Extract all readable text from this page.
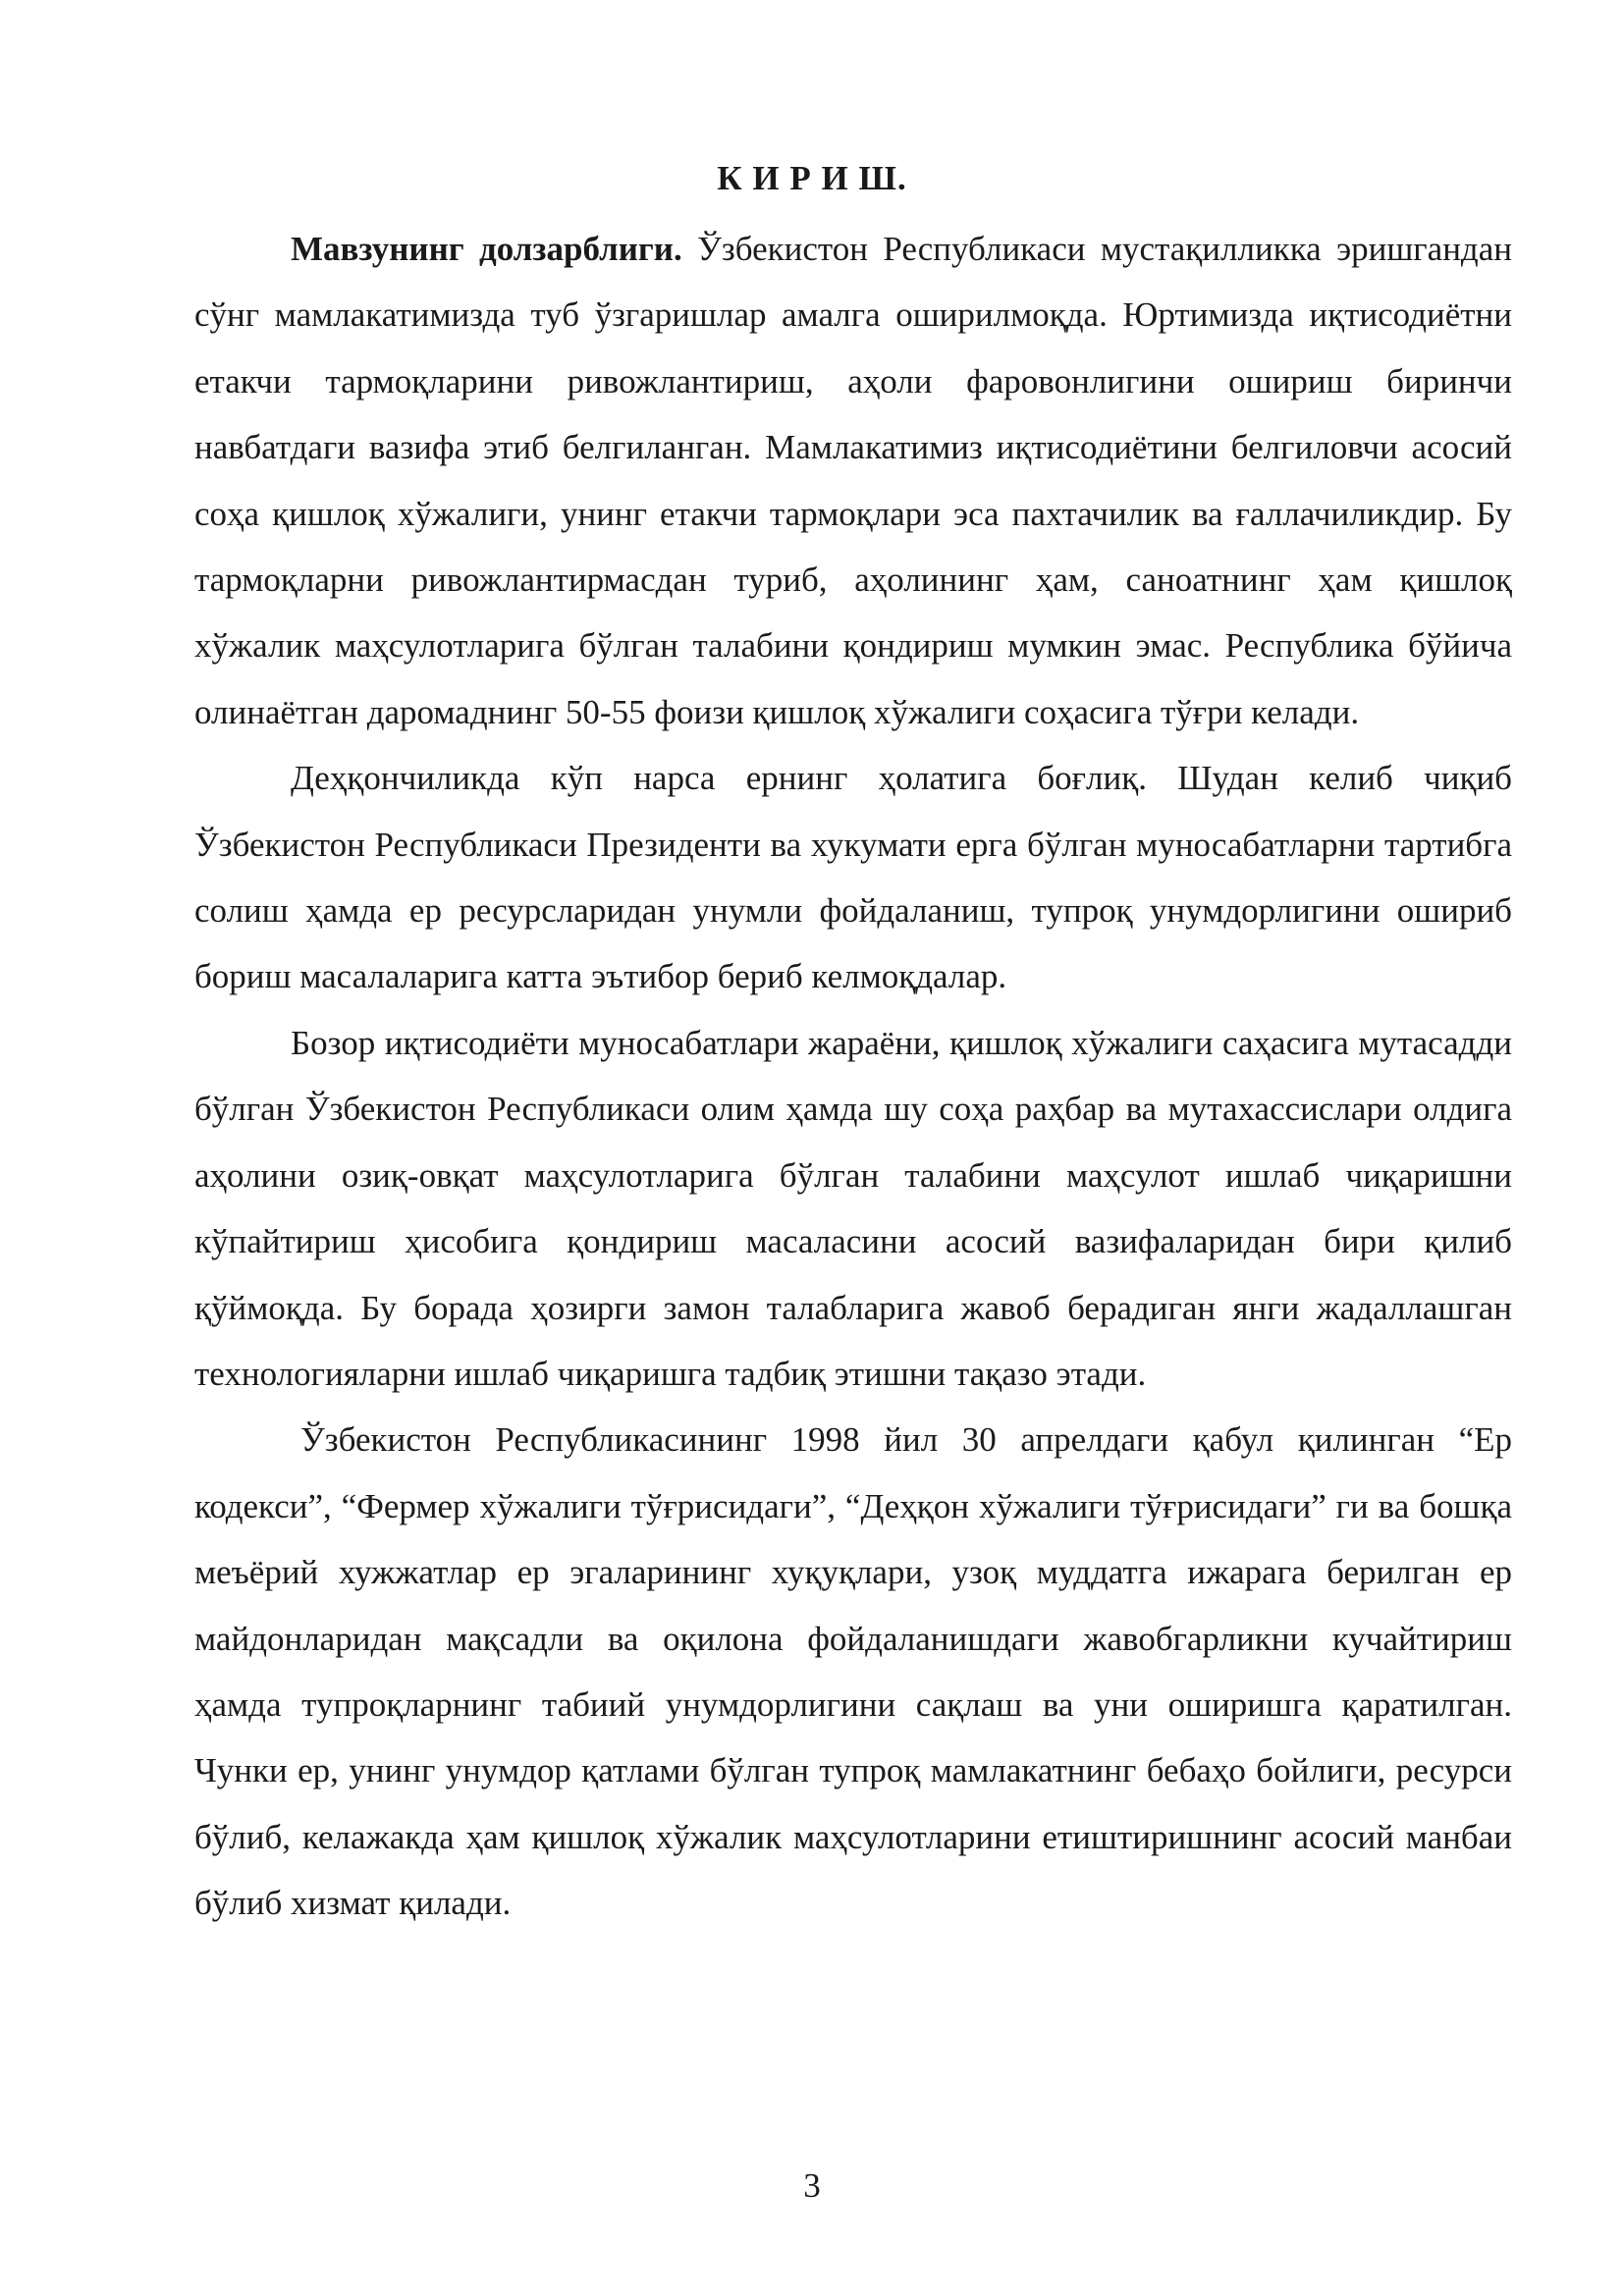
К И Р И Ш.

Мавзунинг долзарблиги. Ўзбекистон Республикаси мустақилликка эришгандан сўнг мамлакатимизда туб ўзгаришлар амалга оширилмоқда. Юртимизда иқтисодиётни етакчи тармоқларини ривожлантириш, аҳоли фаровонлигини ошириш биринчи навбатдаги вазифа этиб белгиланган. Мамлакатимиз иқтисодиётини белгиловчи асосий соҳа қишлоқ хўжалиги, унинг етакчи тармоқлари эса пахтачилик ва ғаллачиликдир. Бу тармоқларни ривожлантирмасдан туриб, аҳолининг ҳам, саноатнинг ҳам қишлоқ хўжалик маҳсулотларига бўлган талабини қондириш мумкин эмас. Республика бўйича олинаётган даромаднинг 50-55 фоизи қишлоқ хўжалиги соҳасига тўғри келади.

Деҳқончиликда кўп нарса ернинг ҳолатига боғлиқ. Шудан келиб чиқиб Ўзбекистон Республикаси Президенти ва хукумати ерга бўлган муносабатларни тартибга солиш ҳамда ер ресурсларидан унумли фойдаланиш, тупроқ унумдорлигини ошириб бориш масалаларига катта эътибор бериб келмоқдалар.

Бозор иқтисодиёти муносабатлари жараёни, қишлоқ хўжалиги саҳасига мутасадди бўлган Ўзбекистон Республикаси олим ҳамда шу соҳа раҳбар ва мутахассислари олдига аҳолини озиқ-овқат маҳсулотларига бўлган талабини маҳсулот ишлаб чиқаришни кўпайтириш ҳисобига қондириш масаласини асосий вазифаларидан бири қилиб қўймоқда. Бу борада ҳозирги замон талабларига жавоб берадиган янги жадаллашган технологияларни ишлаб чиқаришга тадбиқ этишни тақазо этади.

Ўзбекистон Республикасининг 1998 йил 30 апрелдаги қабул қилинган “Ер кодекси”, “Фермер хўжалиги тўғрисидаги”, “Деҳқон хўжалиги тўғрисидаги” ги ва бошқа меъёрий хужжатлар ер эгаларининг хуқуқлари, узоқ муддатга ижарага берилган ер майдонларидан мақсадли ва оқилона фойдаланишдаги жавобгарликни кучайтириш ҳамда тупроқларнинг табиий унумдорлигини сақлаш ва уни оширишга қаратилган. Чунки ер, унинг унумдор қатлами бўлган тупроқ мамлакатнинг бебаҳо бойлиги, ресурси бўлиб, келажакда ҳам қишлоқ хўжалик маҳсулотларини етиштиришнинг асосий манбаи бўлиб хизмат қилади.

3
